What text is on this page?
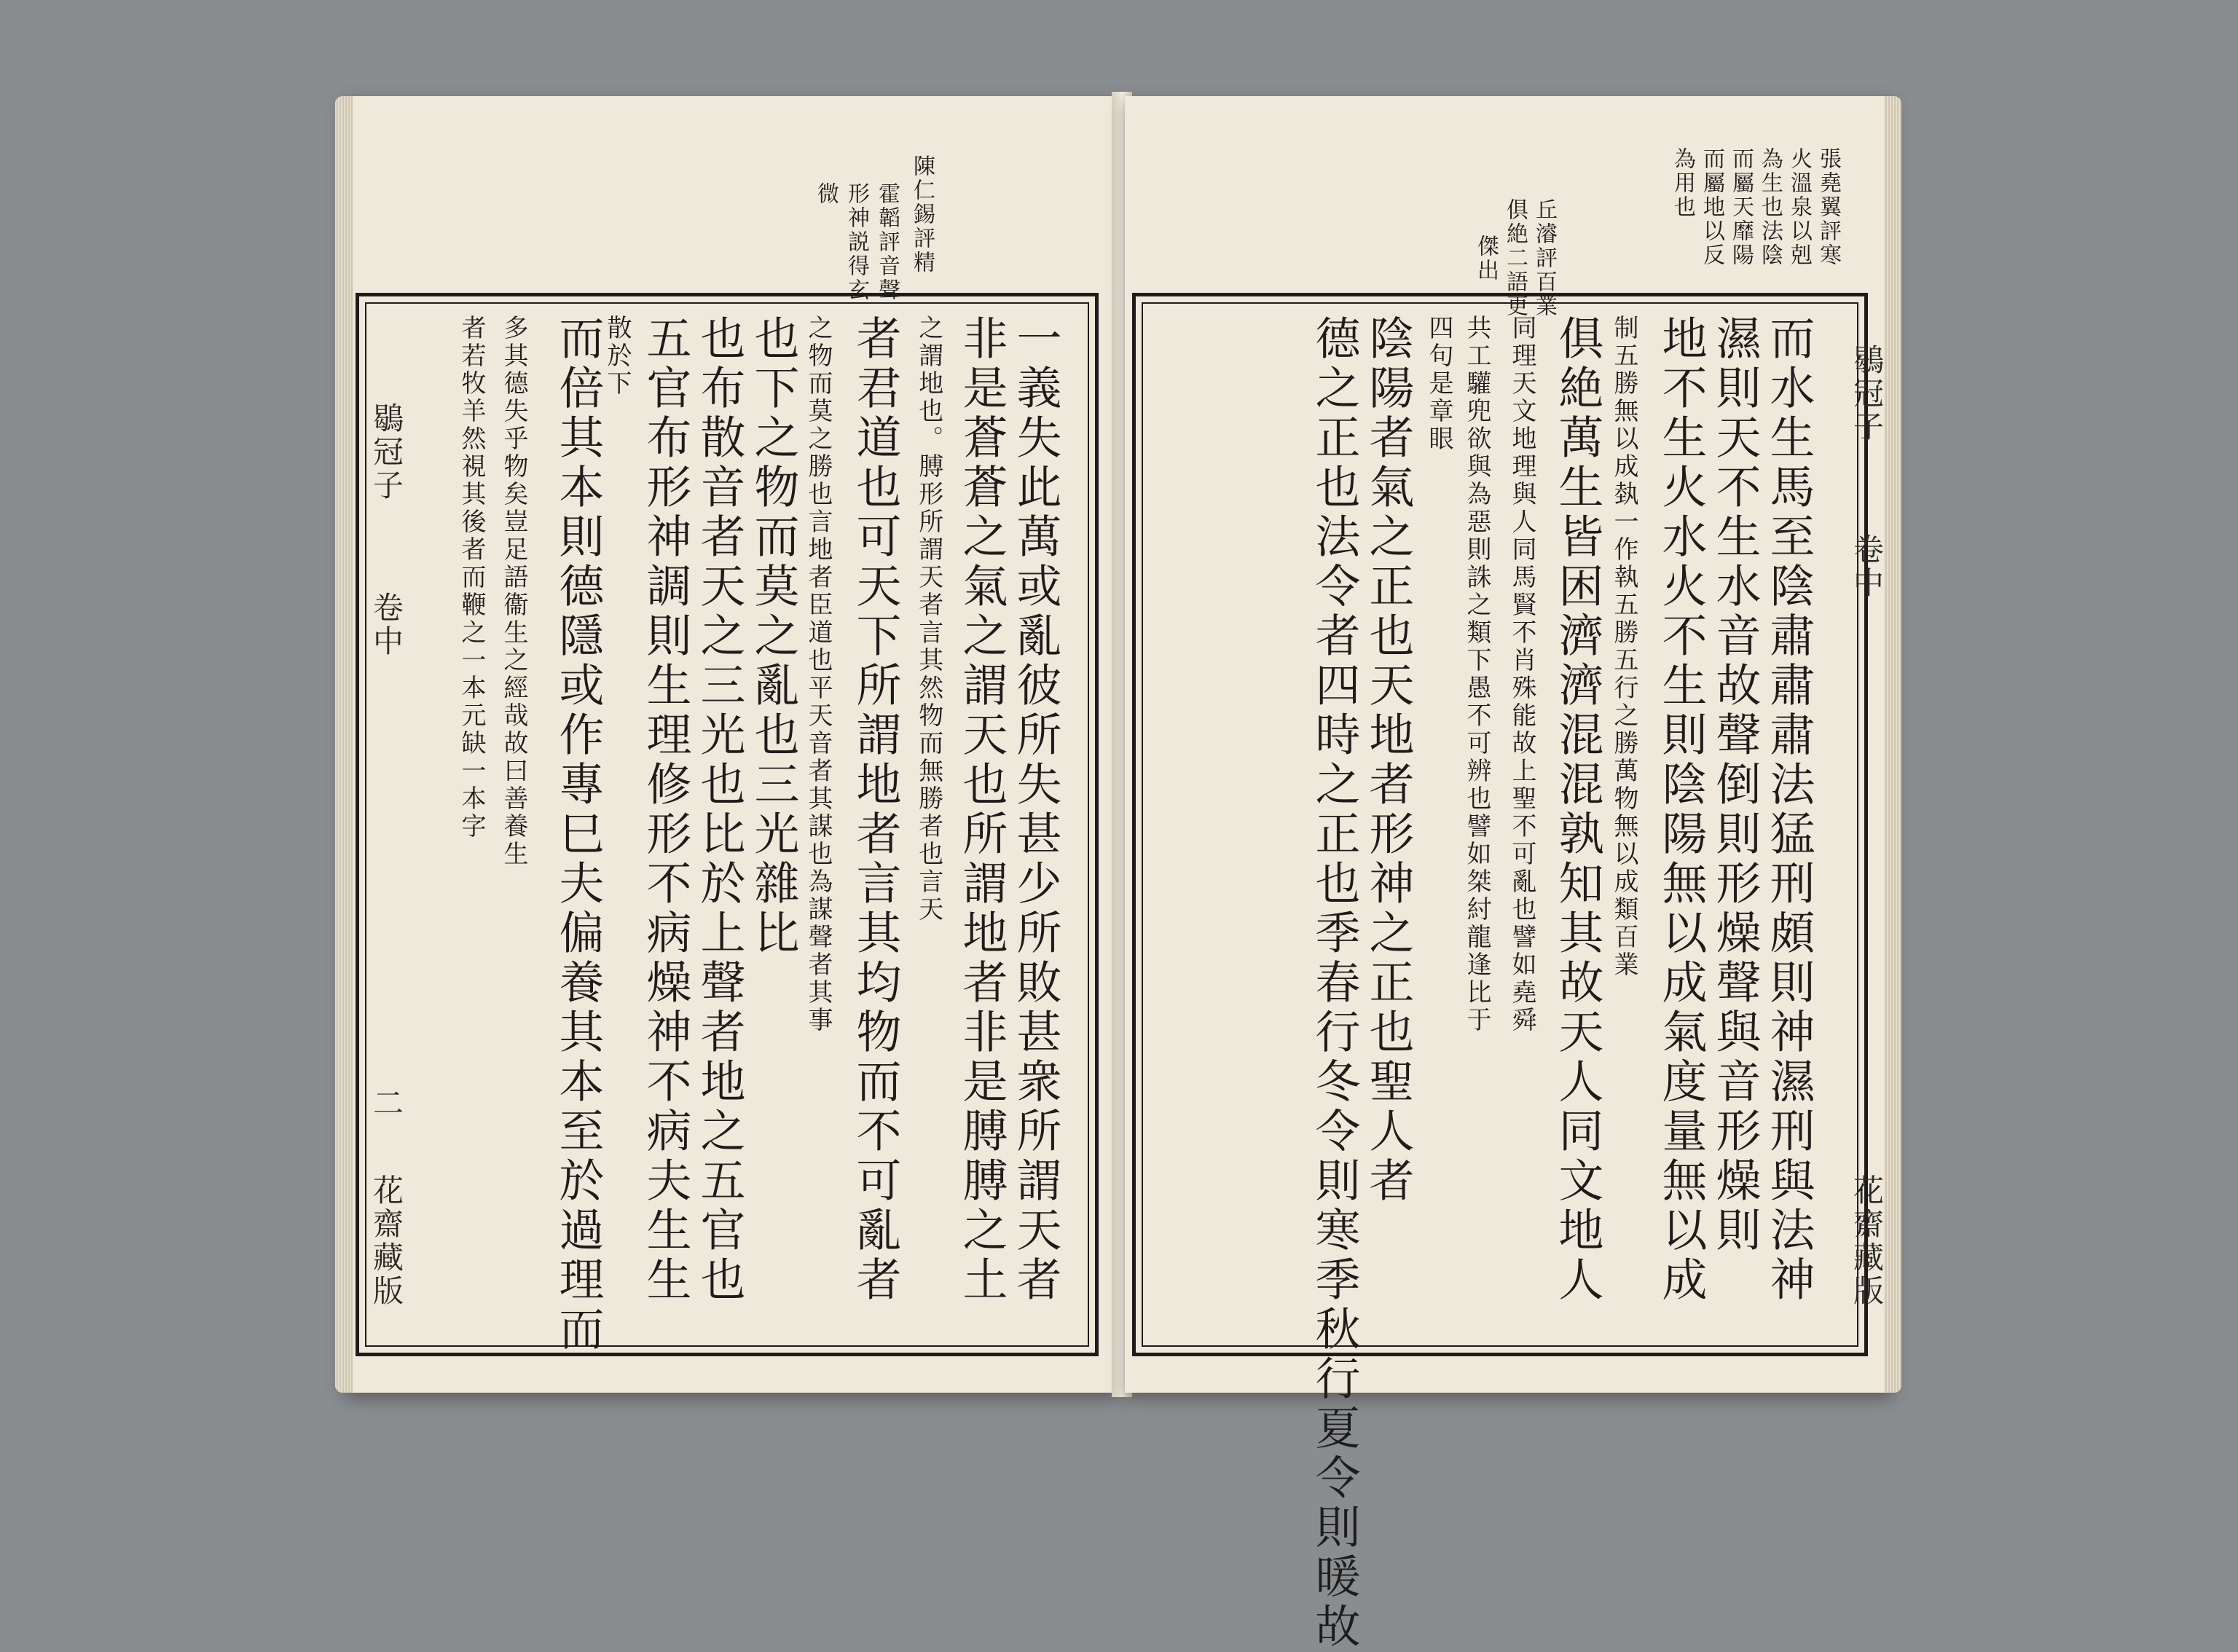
陳仁錫評精
霍韜評音聲
形神説得玄
微
一義失此萬或亂彼所失甚少所敗甚衆所謂天者
非是蒼蒼之氣之謂天也所謂地者非是膊膊之土
之謂地也。膊形所謂天者言其然物而無勝者也言天
者君道也可天下所謂地者言其均物而不可亂者
之物而莫之勝也言地者臣道也平天音者其謀也為謀聲者其事
也下之物而莫之亂也三光雜比
也布散音者天之三光也比於上聲者地之五官也
五官布形神調則生理修形不病燥神不病夫生生
散於下
而倍其本則德隱或作專巳夫偏養其本至於過理而
多其德失乎物矣豈足語衞生之經哉故曰善養生
者若牧羊然視其後者而鞭之一本元缺一本字
鶡冠子
卷中
二
花齋藏版
張堯翼評寒
火溫泉以剋
為生也法陰
而屬天靡陽
而屬地以反
為用也
丘濬評百業
俱絶二語更
傑出
而水生馬至陰肅肅肅法猛刑頗則神濕刑與法神
濕則天不生水音故聲倒則形燥聲與音形燥則
地不生火水火不生則陰陽無以成氣度量無以成
制五勝無以成埶一作執五勝五行之勝萬物無以成類百業
俱絶萬生皆困濟濟混混孰知其故天人同文地人
同理天文地理與人同馬賢不肖殊能故上聖不可亂也譬如堯舜
共工驩兜欲與為惡則誅之類下愚不可辨也譬如桀紂龍逢比于
四句是章眼
陰陽者氣之正也天地者形神之正也聖人者
德之正也法令者四時之正也季春行冬令則寒季秋行夏令則暖故	鶡冠子
卷中
花齋藏版
